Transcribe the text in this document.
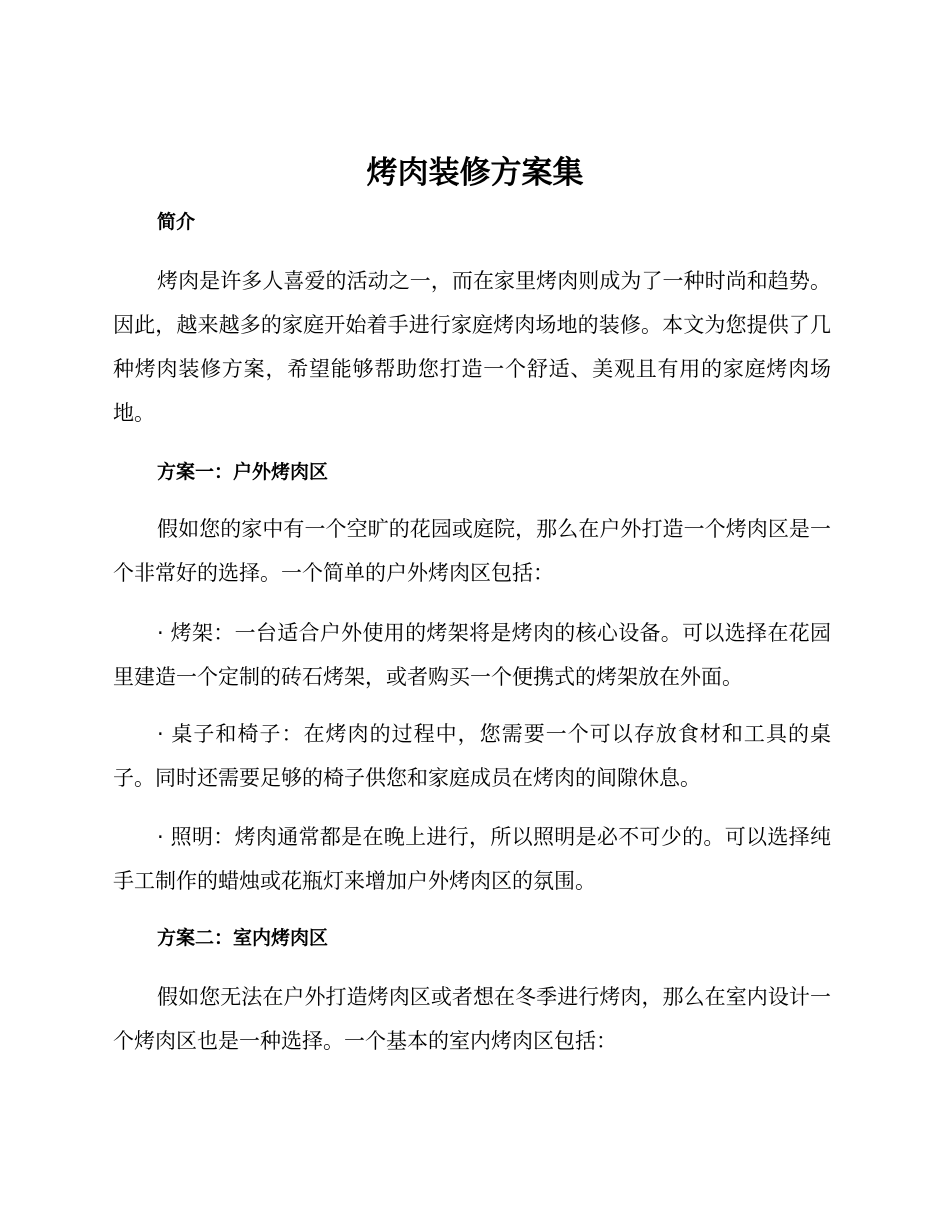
烤肉装修方案集
简介

烤肉是许多人喜爱的活动之一，而在家里烤肉则成为了一种时尚和趋势。因此，越来越多的家庭开始着手进行家庭烤肉场地的装修。本文为您提供了几种烤肉装修方案，希望能够帮助您打造一个舒适、美观且有用的家庭烤肉场地。

方案一：户外烤肉区

假如您的家中有一个空旷的花园或庭院，那么在户外打造一个烤肉区是一个非常好的选择。一个简单的户外烤肉区包括：

· 烤架：一台适合户外使用的烤架将是烤肉的核心设备。可以选择在花园里建造一个定制的砖石烤架，或者购买一个便携式的烤架放在外面。

· 桌子和椅子：在烤肉的过程中，您需要一个可以存放食材和工具的桌子。同时还需要足够的椅子供您和家庭成员在烤肉的间隙休息。

· 照明：烤肉通常都是在晚上进行，所以照明是必不可少的。可以选择纯手工制作的蜡烛或花瓶灯来增加户外烤肉区的氛围。

方案二：室内烤肉区

假如您无法在户外打造烤肉区或者想在冬季进行烤肉，那么在室内设计一个烤肉区也是一种选择。一个基本的室内烤肉区包括：
